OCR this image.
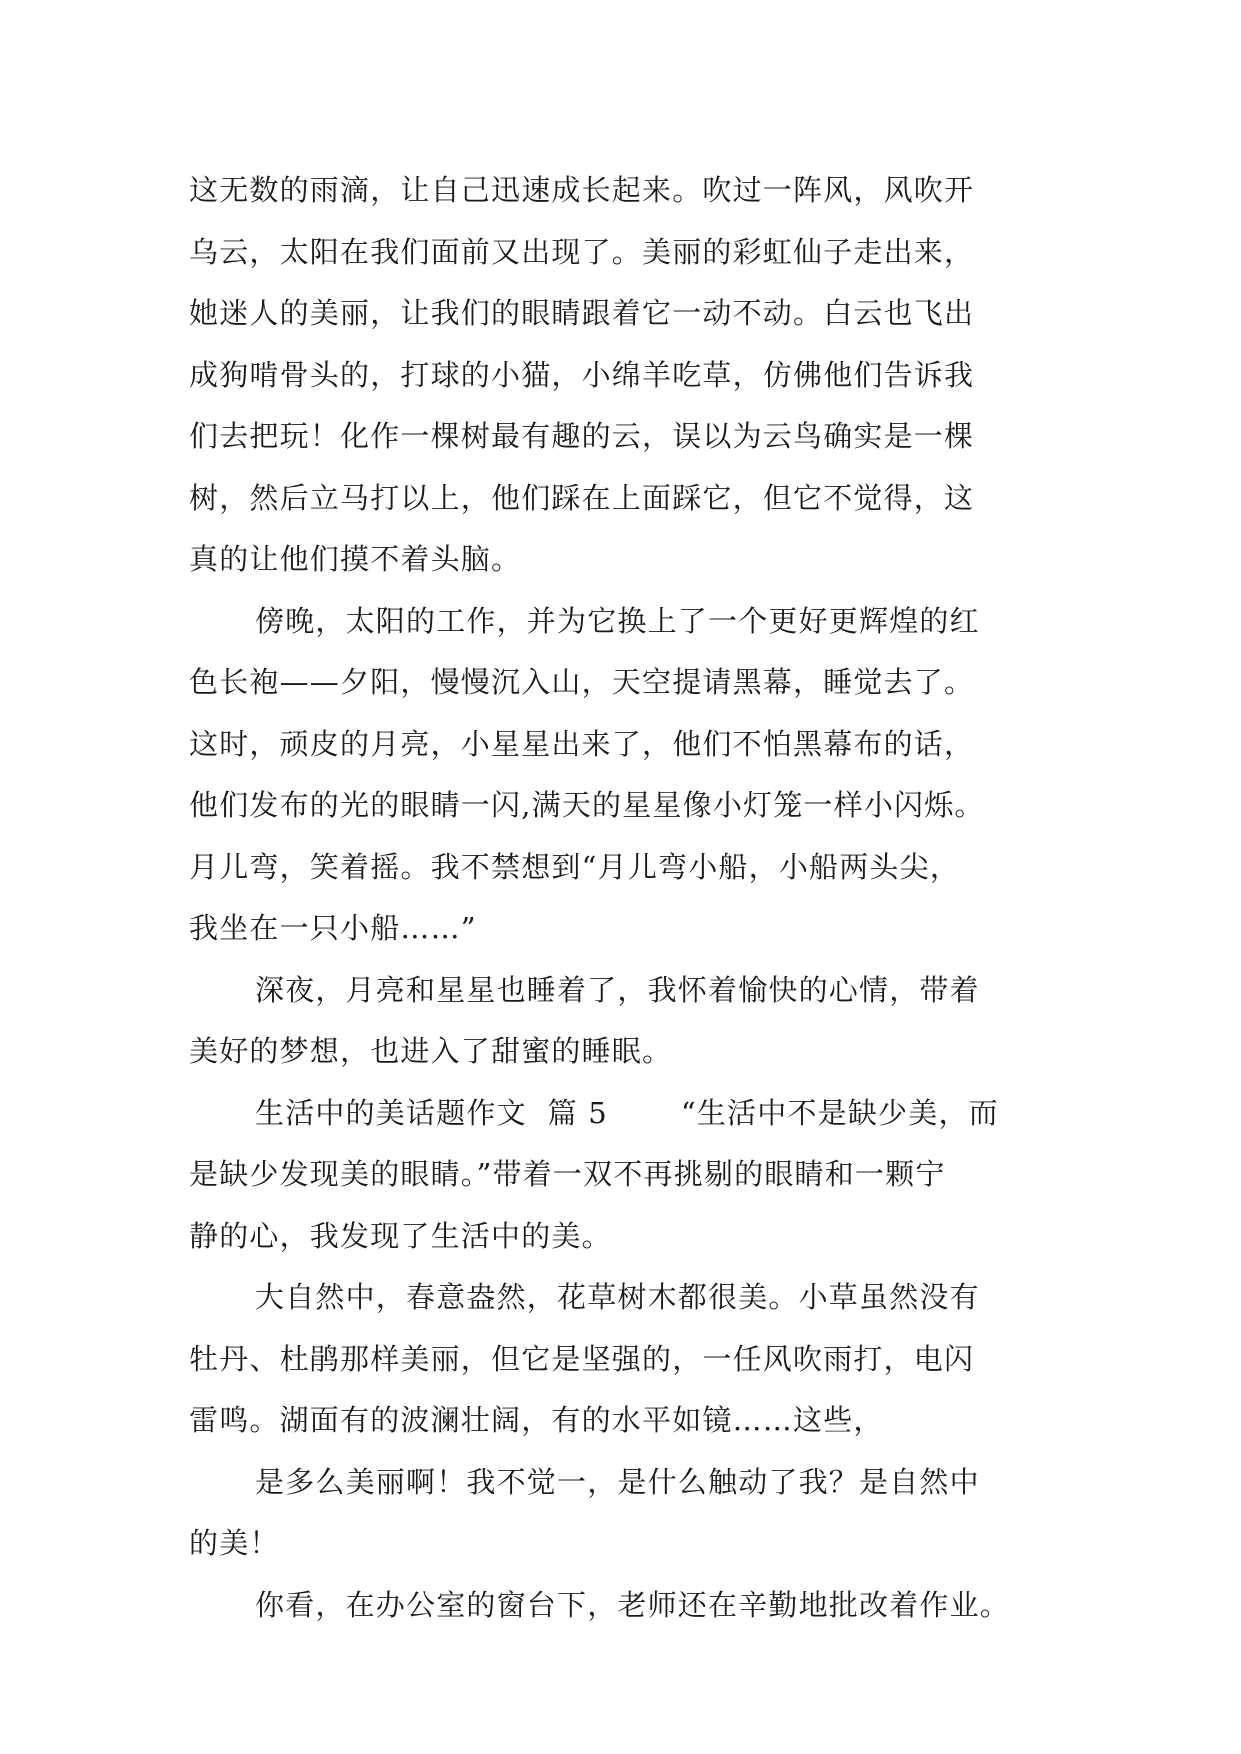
这无数的雨滴，让自己迅速成长起来。吹过一阵风，风吹开
乌云，太阳在我们面前又出现了。美丽的彩虹仙子走出来，
她迷人的美丽，让我们的眼睛跟着它一动不动。白云也飞出
成狗啃骨头的，打球的小猫，小绵羊吃草，仿佛他们告诉我
们去把玩！化作一棵树最有趣的云，误以为云鸟确实是一棵
树，然后立马打以上，他们踩在上面踩它，但它不觉得，这
真的让他们摸不着头脑。
傍晚，太阳的工作，并为它换上了一个更好更辉煌的红
色长袍——夕阳，慢慢沉入山，天空提请黑幕，睡觉去了。
这时，顽皮的月亮，小星星出来了，他们不怕黑幕布的话，
他们发布的光的眼睛一闪,满天的星星像小灯笼一样小闪烁。
月儿弯，笑着摇。我不禁想到“月儿弯小船，小船两头尖，
我坐在一只小船……”
深夜，月亮和星星也睡着了，我怀着愉快的心情，带着
美好的梦想，也进入了甜蜜的睡眠。
生活中的美话题作文  篇 5       “生活中不是缺少美，而
是缺少发现美的眼睛。”带着一双不再挑剔的眼睛和一颗宁
静的心，我发现了生活中的美。
大自然中，春意盎然，花草树木都很美。小草虽然没有
牡丹、杜鹃那样美丽，但它是坚强的，一任风吹雨打，电闪
雷鸣。湖面有的波澜壮阔，有的水平如镜……这些，
是多么美丽啊！我不觉一，是什么触动了我？是自然中
的美！
你看，在办公室的窗台下，老师还在辛勤地批改着作业。
